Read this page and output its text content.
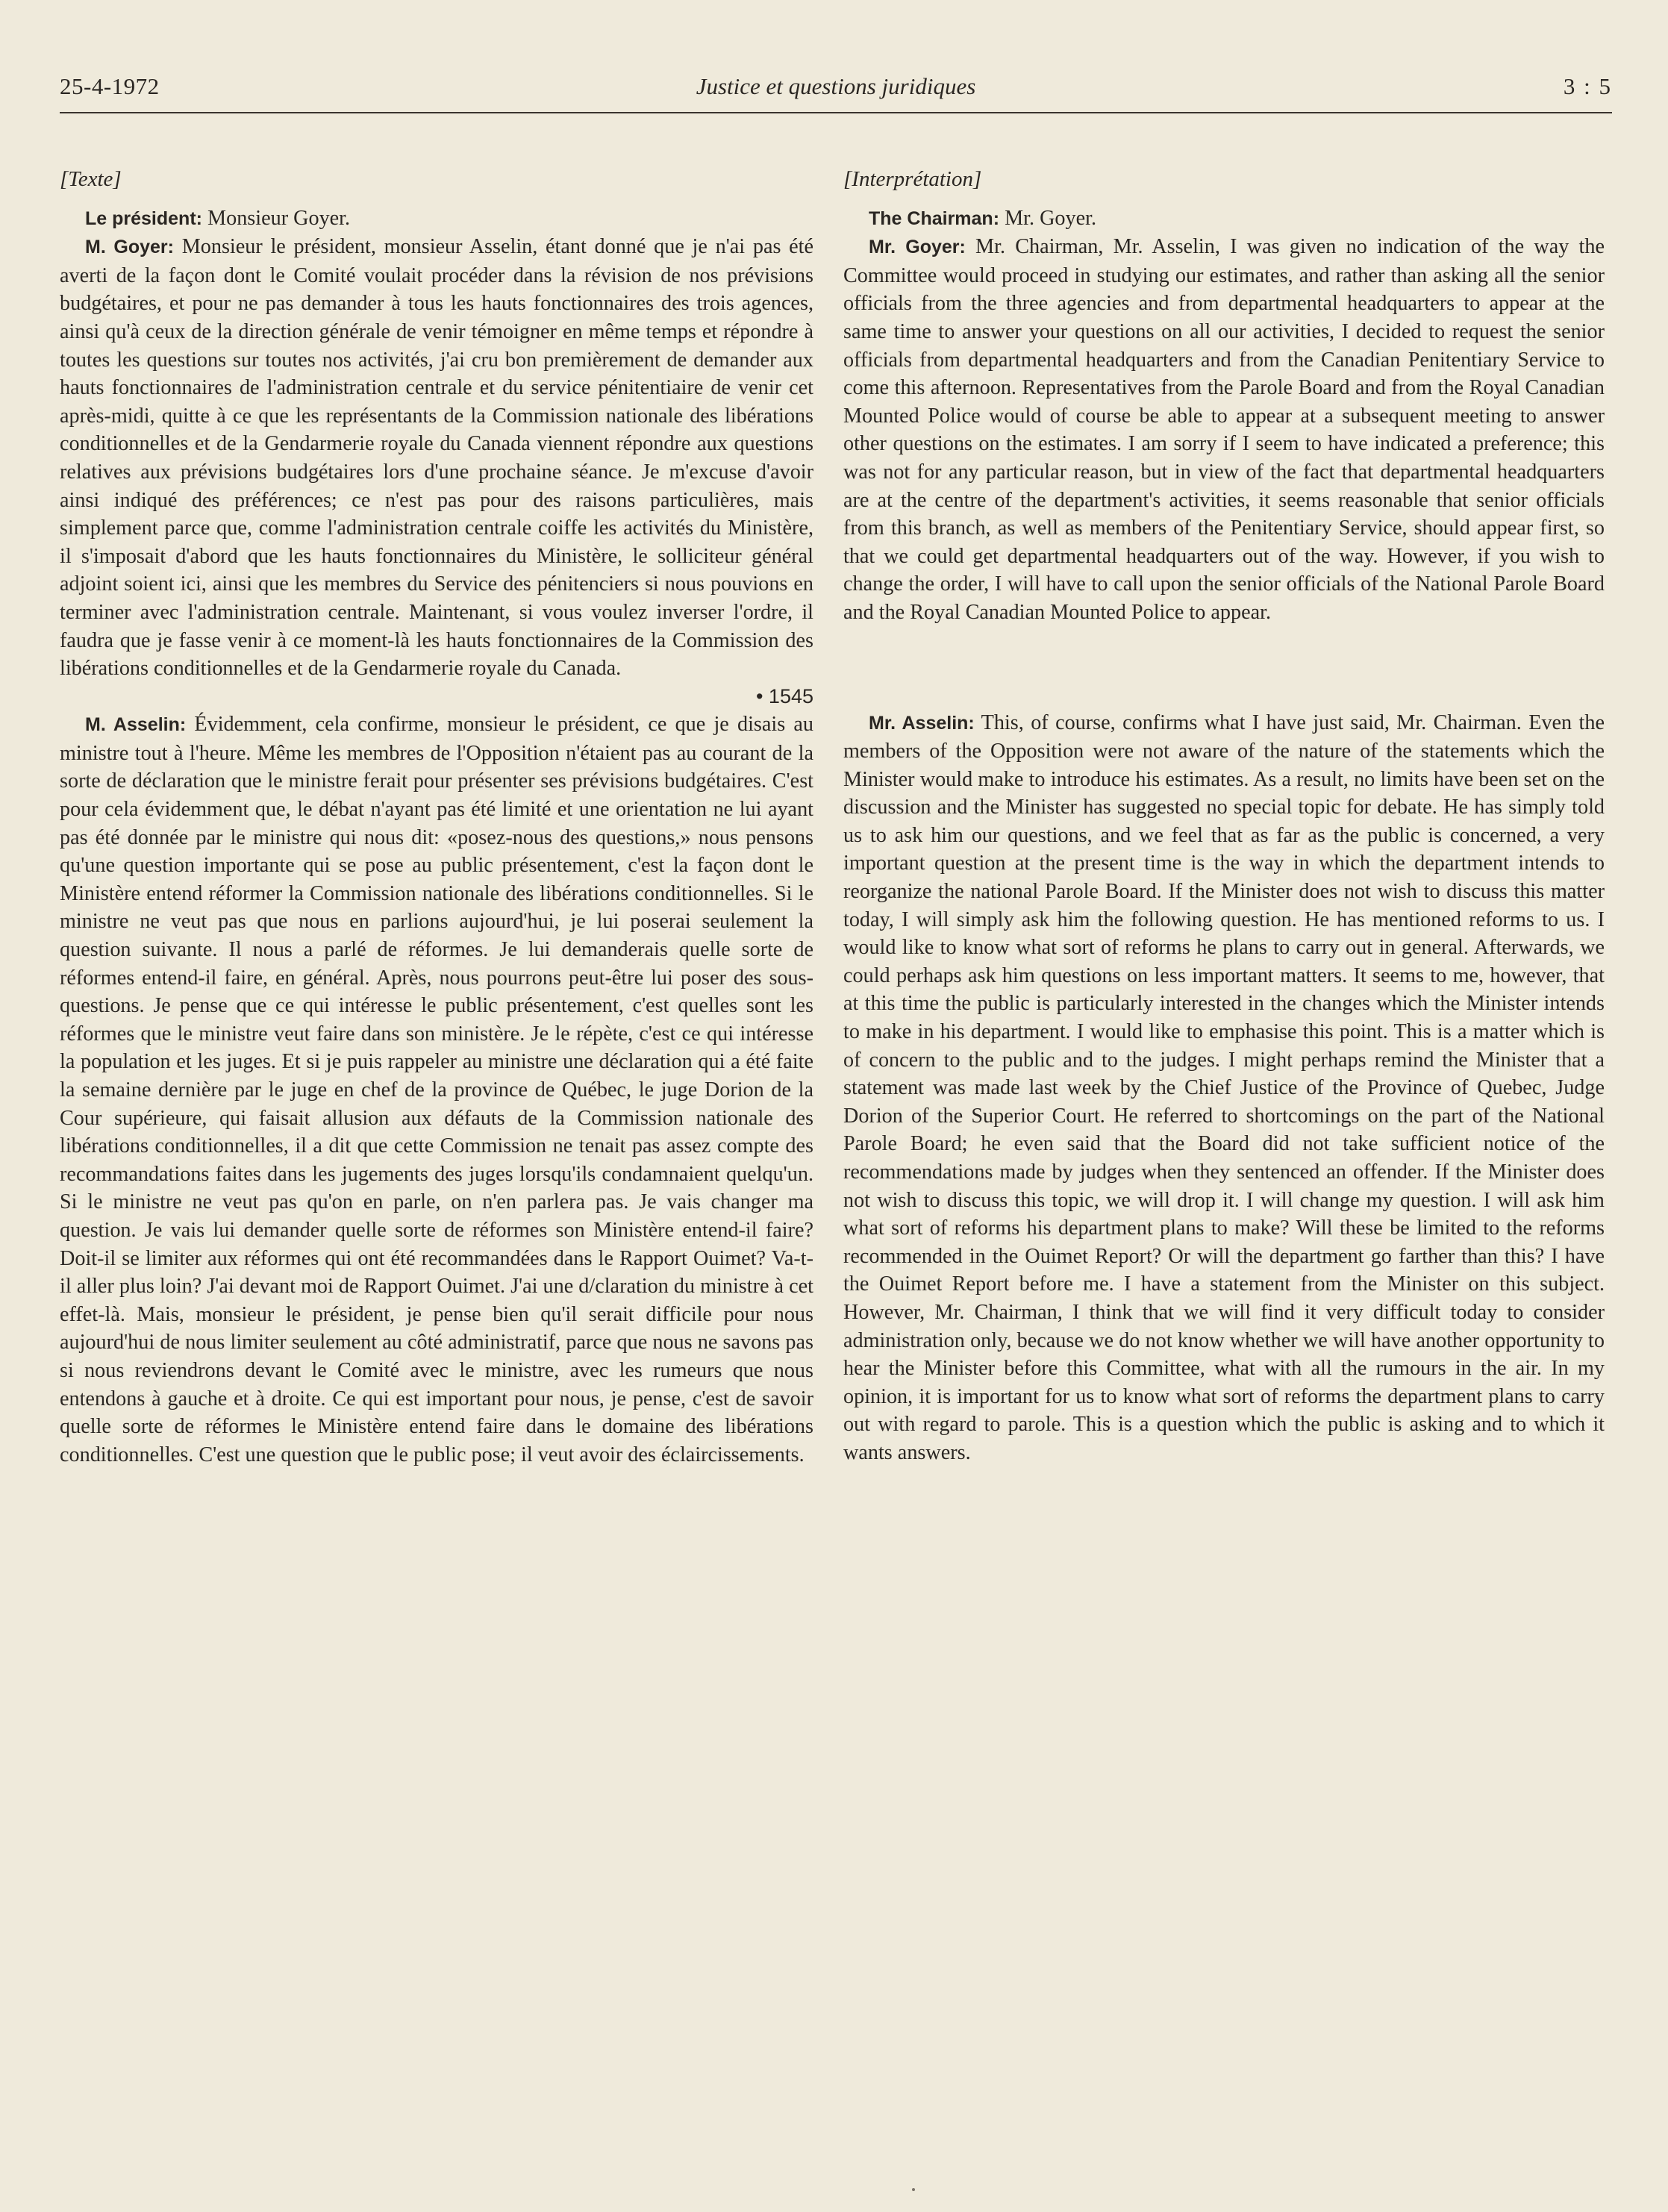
25-4-1972	Justice et questions juridiques	3 : 5

[Texte]

Le président: Monsieur Goyer.

M. Goyer: Monsieur le président, monsieur Asselin, étant donné que je n'ai pas été averti de la façon dont le Comité voulait procéder dans la révision de nos prévisions budgétaires, et pour ne pas demander à tous les hauts fonctionnaires des trois agences, ainsi qu'à ceux de la direction générale de venir témoigner en même temps et répondre à toutes les questions sur toutes nos activités, j'ai cru bon premièrement de demander aux hauts fonctionnaires de l'administration centrale et du service pénitentiaire de venir cet après-midi, quitte à ce que les représentants de la Commission nationale des libérations conditionnelles et de la Gendarmerie royale du Canada viennent répondre aux questions relatives aux prévisions budgétaires lors d'une prochaine séance. Je m'excuse d'avoir ainsi indiqué des préférences; ce n'est pas pour des raisons particulières, mais simplement parce que, comme l'administration centrale coiffe les activités du Ministère, il s'imposait d'abord que les hauts fonctionnaires du Ministère, le solliciteur général adjoint soient ici, ainsi que les membres du Service des pénitenciers si nous pouvions en terminer avec l'administration centrale. Maintenant, si vous voulez inverser l'ordre, il faudra que je fasse venir à ce moment-là les hauts fonctionnaires de la Commission des libérations conditionnelles et de la Gendarmerie royale du Canada.

• 1545

M. Asselin: Évidemment, cela confirme, monsieur le président, ce que je disais au ministre tout à l'heure. Même les membres de l'Opposition n'étaient pas au courant de la sorte de déclaration que le ministre ferait pour présenter ses prévisions budgétaires. C'est pour cela évidemment que, le débat n'ayant pas été limité et une orientation ne lui ayant pas été donnée par le ministre qui nous dit: «posez-nous des questions,» nous pensons qu'une question importante qui se pose au public présentement, c'est la façon dont le Ministère entend réformer la Commission nationale des libérations conditionnelles. Si le ministre ne veut pas que nous en parlions aujourd'hui, je lui poserai seulement la question suivante. Il nous a parlé de réformes. Je lui demanderais quelle sorte de réformes entend-il faire, en général. Après, nous pourrons peut-être lui poser des sous-questions. Je pense que ce qui intéresse le public présentement, c'est quelles sont les réformes que le ministre veut faire dans son ministère. Je le répète, c'est ce qui intéresse la population et les juges. Et si je puis rappeler au ministre une déclaration qui a été faite la semaine dernière par le juge en chef de la province de Québec, le juge Dorion de la Cour supérieure, qui faisait allusion aux défauts de la Commission nationale des libérations conditionnelles, il a dit que cette Commission ne tenait pas assez compte des recommandations faites dans les jugements des juges lorsqu'ils condamnaient quelqu'un. Si le ministre ne veut pas qu'on en parle, on n'en parlera pas. Je vais changer ma question. Je vais lui demander quelle sorte de réformes son Ministère entend-il faire? Doit-il se limiter aux réformes qui ont été recommandées dans le Rapport Ouimet? Va-t-il aller plus loin? J'ai devant moi de Rapport Ouimet. J'ai une d/claration du ministre à cet effet-là. Mais, monsieur le président, je pense bien qu'il serait difficile pour nous aujourd'hui de nous limiter seulement au côté administratif, parce que nous ne savons pas si nous reviendrons devant le Comité avec le ministre, avec les rumeurs que nous entendons à gauche et à droite. Ce qui est important pour nous, je pense, c'est de savoir quelle sorte de réformes le Ministère entend faire dans le domaine des libérations conditionnelles. C'est une question que le public pose; il veut avoir des éclaircissements.

[Interprétation]

The Chairman: Mr. Goyer.

Mr. Goyer: Mr. Chairman, Mr. Asselin, I was given no indication of the way the Committee would proceed in studying our estimates, and rather than asking all the senior officials from the three agencies and from departmental headquarters to appear at the same time to answer your questions on all our activities, I decided to request the senior officials from departmental headquarters and from the Canadian Penitentiary Service to come this afternoon. Representatives from the Parole Board and from the Royal Canadian Mounted Police would of course be able to appear at a subsequent meeting to answer other questions on the estimates. I am sorry if I seem to have indicated a preference; this was not for any particular reason, but in view of the fact that departmental headquarters are at the centre of the department's activities, it seems reasonable that senior officials from this branch, as well as members of the Penitentiary Service, should appear first, so that we could get departmental headquarters out of the way. However, if you wish to change the order, I will have to call upon the senior officials of the National Parole Board and the Royal Canadian Mounted Police to appear.

Mr. Asselin: This, of course, confirms what I have just said, Mr. Chairman. Even the members of the Opposition were not aware of the nature of the statements which the Minister would make to introduce his estimates. As a result, no limits have been set on the discussion and the Minister has suggested no special topic for debate. He has simply told us to ask him our questions, and we feel that as far as the public is concerned, a very important question at the present time is the way in which the department intends to reorganize the national Parole Board. If the Minister does not wish to discuss this matter today, I will simply ask him the following question. He has mentioned reforms to us. I would like to know what sort of reforms he plans to carry out in general. Afterwards, we could perhaps ask him questions on less important matters. It seems to me, however, that at this time the public is particularly interested in the changes which the Minister intends to make in his department. I would like to emphasise this point. This is a matter which is of concern to the public and to the judges. I might perhaps remind the Minister that a statement was made last week by the Chief Justice of the Province of Quebec, Judge Dorion of the Superior Court. He referred to shortcomings on the part of the National Parole Board; he even said that the Board did not take sufficient notice of the recommendations made by judges when they sentenced an offender. If the Minister does not wish to discuss this topic, we will drop it. I will change my question. I will ask him what sort of reforms his department plans to make? Will these be limited to the reforms recommended in the Ouimet Report? Or will the department go farther than this? I have the Ouimet Report before me. I have a statement from the Minister on this subject. However, Mr. Chairman, I think that we will find it very difficult today to consider administration only, because we do not know whether we will have another opportunity to hear the Minister before this Committee, what with all the rumours in the air. In my opinion, it is important for us to know what sort of reforms the department plans to carry out with regard to parole. This is a question which the public is asking and to which it wants answers.
